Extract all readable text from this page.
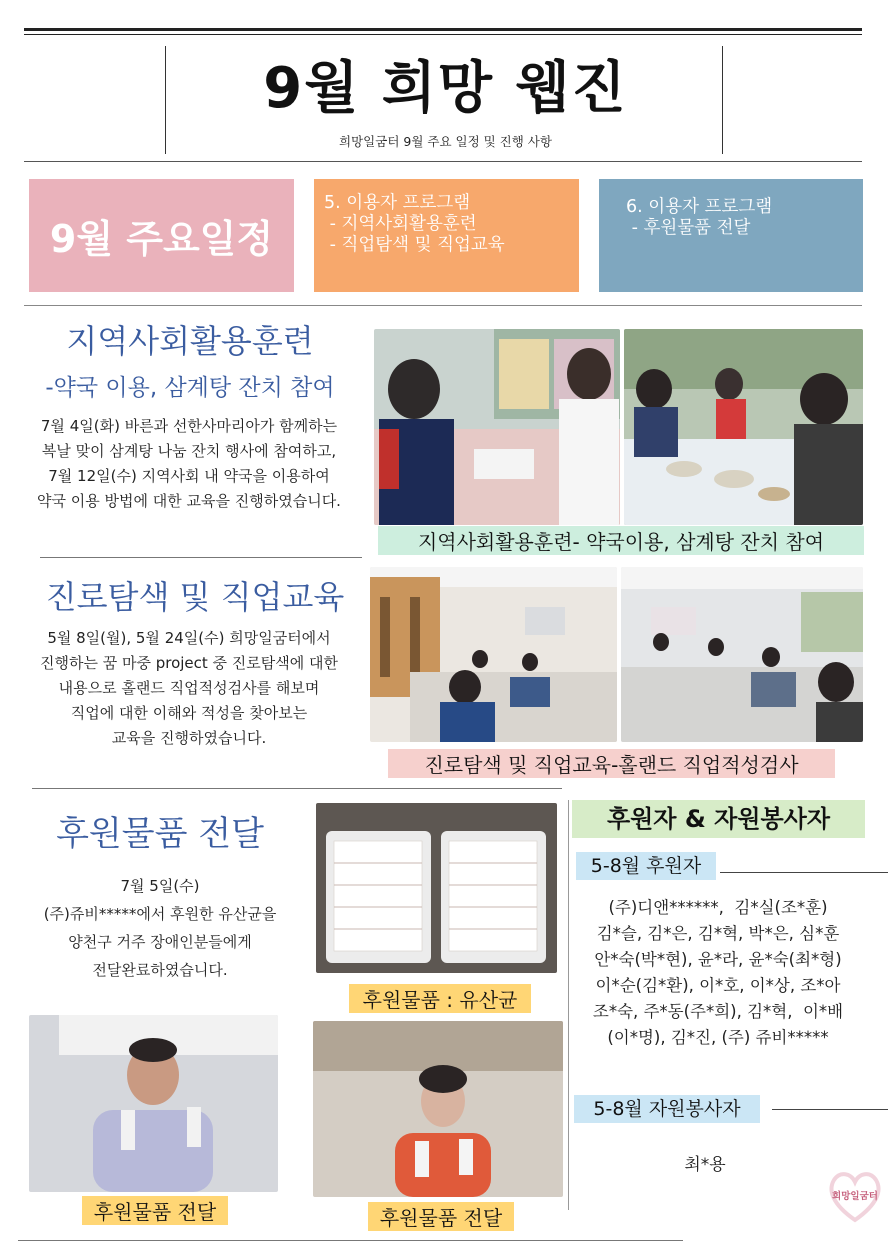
9월 희망 웹진
희망일굼터 9월 주요 일정 및 진행 사항
9월 주요일정
5. 이용자 프로그램
- 지역사회활용훈련
- 직업탐색 및 직업교육
6. 이용자 프로그램
- 후원물품 전달
지역사회활용훈련
-약국 이용, 삼계탕 잔치 참여
7월 4일(화) 바른과 선한사마리아가 함께하는
복날 맞이 삼계탕 나눔 잔치 행사에 참여하고,
7월 12일(수) 지역사회 내 약국을 이용하여
약국 이용 방법에 대한 교육을 진행하였습니다.
지역사회활용훈련- 약국이용, 삼계탕 잔치 참여
진로탐색 및 직업교육
5월 8일(월), 5월 24일(수) 희망일굼터에서
진행하는 꿈 마중 project 중 진로탐색에 대한
내용으로 홀랜드 직업적성검사를 해보며
직업에 대한 이해와 적성을 찾아보는
교육을 진행하였습니다.
진로탐색 및 직업교육-홀랜드 직업적성검사
후원물품 전달
7월 5일(수)
(주)쥬비*****에서 후원한 유산균을
양천구 거주 장애인분들에게
전달완료하였습니다.
후원물품 : 유산균
후원물품 전달	후원물품 전달
후원자 & 자원봉사자
5-8월 후원자
(주)디앤******,  김*실(조*훈)
김*슬, 김*은, 김*혁, 박*은, 심*훈
안*숙(박*현), 윤*라, 윤*숙(최*형)
이*순(김*환), 이*호, 이*상, 조*아
조*숙, 주*동(주*희), 김*혁,  이*배
(이*명), 김*진, (주) 쥬비*****
5-8월 자원봉사자
최*용
희망일굼터
